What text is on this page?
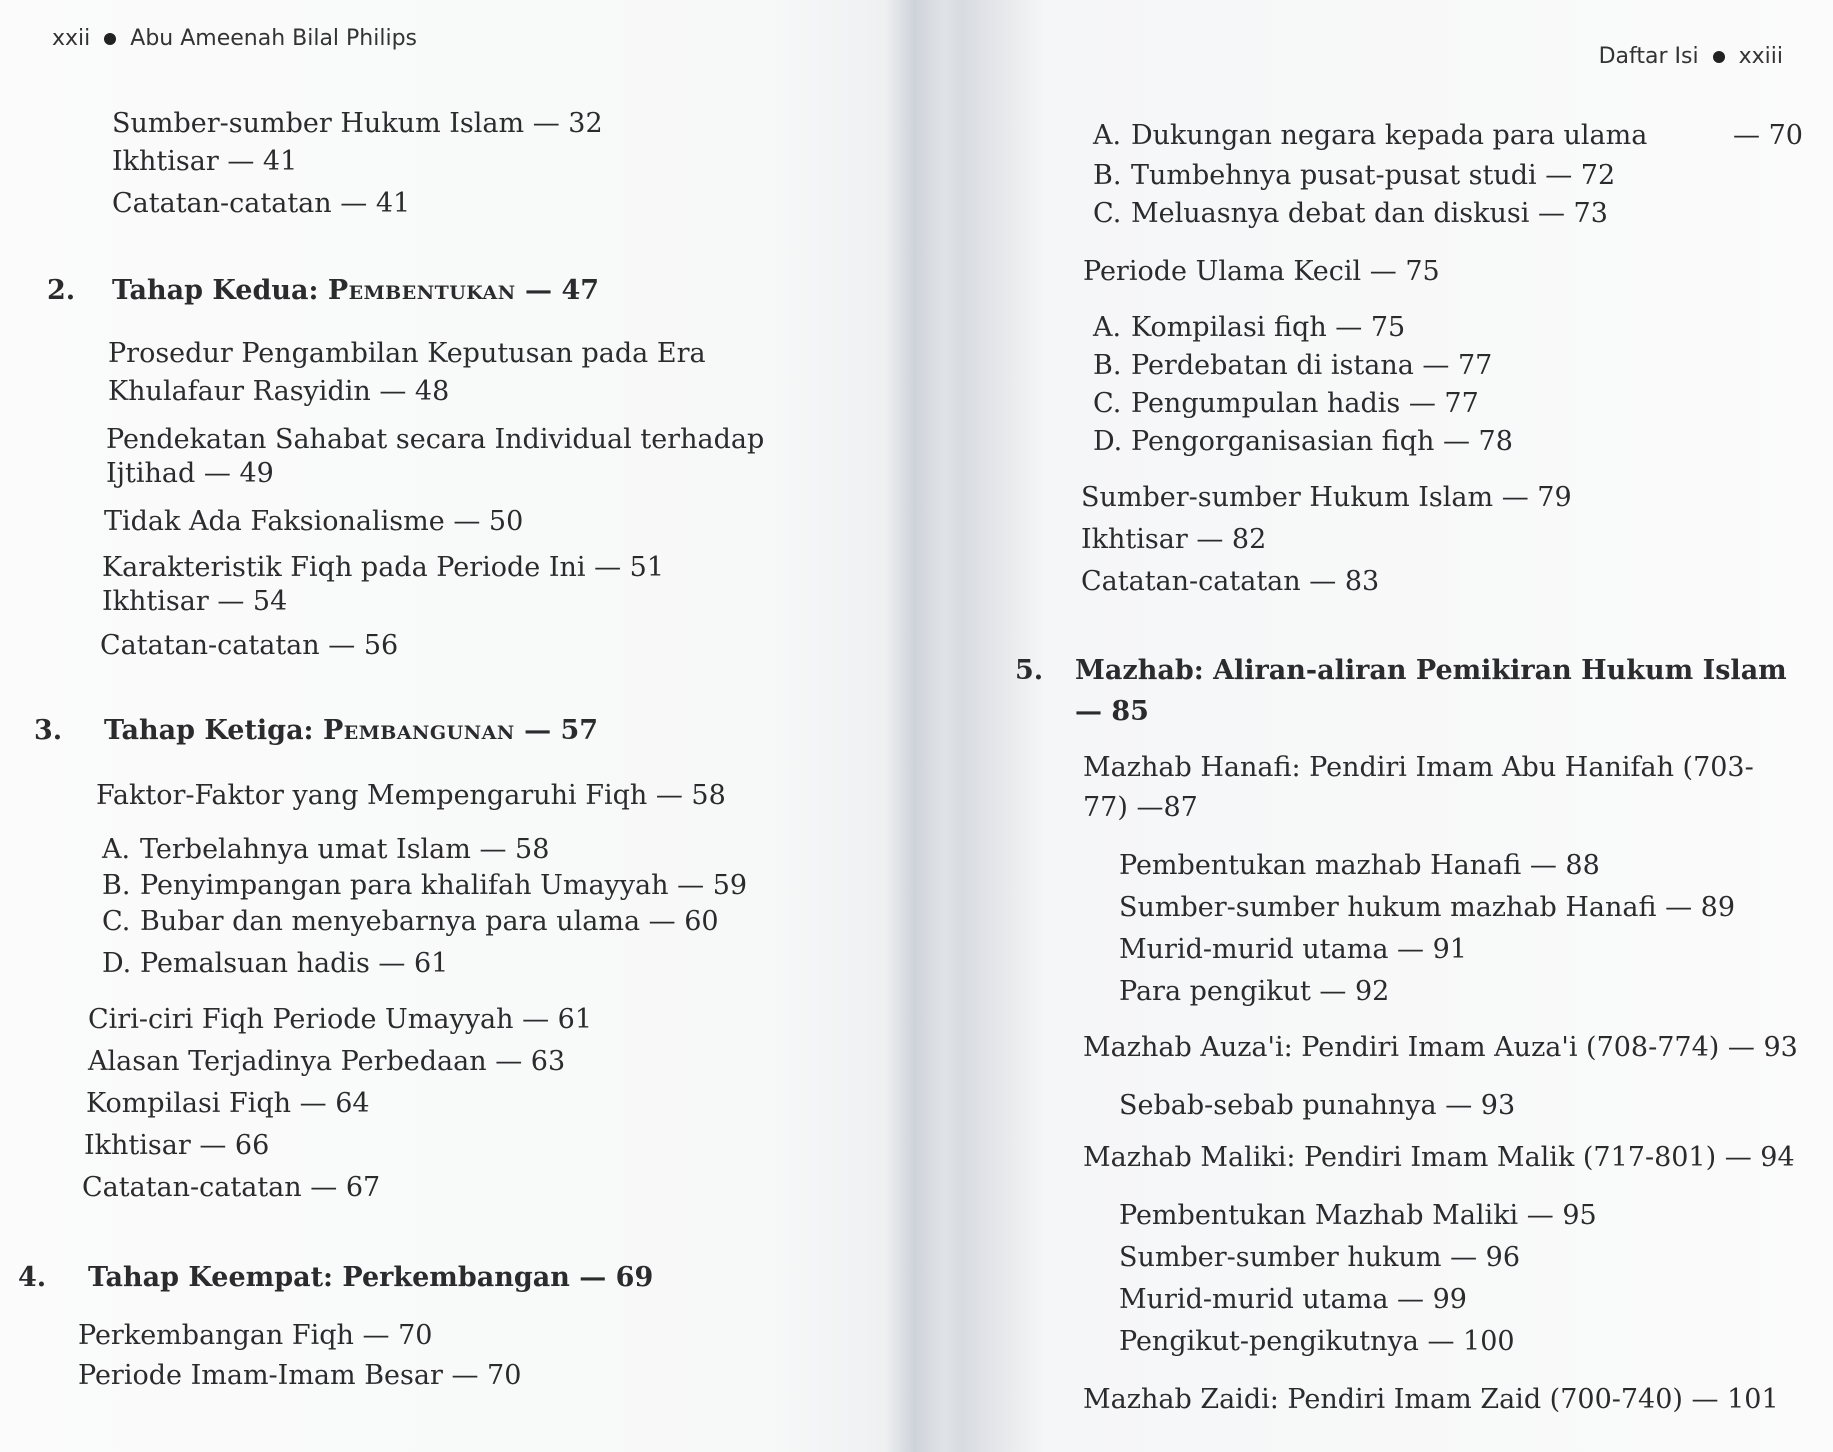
xxii Abu Ameenah Bilal Philips
Sumber-sumber Hukum Islam — 32
Ikhtisar — 41
Catatan-catatan — 41
2. Tahap Kedua: Pembentukan — 47
Prosedur Pengambilan Keputusan pada Era
Khulafaur Rasyidin — 48
Pendekatan Sahabat secara Individual terhadap
Ijtihad — 49
Tidak Ada Faksionalisme — 50
Karakteristik Fiqh pada Periode Ini — 51
Ikhtisar — 54
Catatan-catatan — 56
3. Tahap Ketiga: Pembangunan — 57
Faktor-Faktor yang Mempengaruhi Fiqh — 58
A. Terbelahnya umat Islam — 58
B. Penyimpangan para khalifah Umayyah — 59
C. Bubar dan menyebarnya para ulama — 60
D. Pemalsuan hadis — 61
Ciri-ciri Fiqh Periode Umayyah — 61
Alasan Terjadinya Perbedaan — 63
Kompilasi Fiqh — 64
Ikhtisar — 66
Catatan-catatan — 67
4. Tahap Keempat: Perkembangan — 69
Perkembangan Fiqh — 70
Periode Imam-Imam Besar — 70
Daftar Isi xxiii
A. Dukungan negara kepada para ulama	— 70
B. Tumbehnya pusat-pusat studi — 72
C. Meluasnya debat dan diskusi — 73
Periode Ulama Kecil — 75
A. Kompilasi fiqh — 75
B. Perdebatan di istana — 77
C. Pengumpulan hadis — 77
D. Pengorganisasian fiqh — 78
Sumber-sumber Hukum Islam — 79
Ikhtisar — 82
Catatan-catatan — 83
5. Mazhab: Aliran-aliran Pemikiran Hukum Islam
— 85
Mazhab Hanafi: Pendiri Imam Abu Hanifah (703-
77) —87
Pembentukan mazhab Hanafi — 88
Sumber-sumber hukum mazhab Hanafi — 89
Murid-murid utama — 91
Para pengikut — 92
Mazhab Auza'i: Pendiri Imam Auza'i (708-774) — 93
Sebab-sebab punahnya — 93
Mazhab Maliki: Pendiri Imam Malik (717-801) — 94
Pembentukan Mazhab Maliki — 95
Sumber-sumber hukum — 96
Murid-murid utama — 99
Pengikut-pengikutnya — 100
Mazhab Zaidi: Pendiri Imam Zaid (700-740) — 101
